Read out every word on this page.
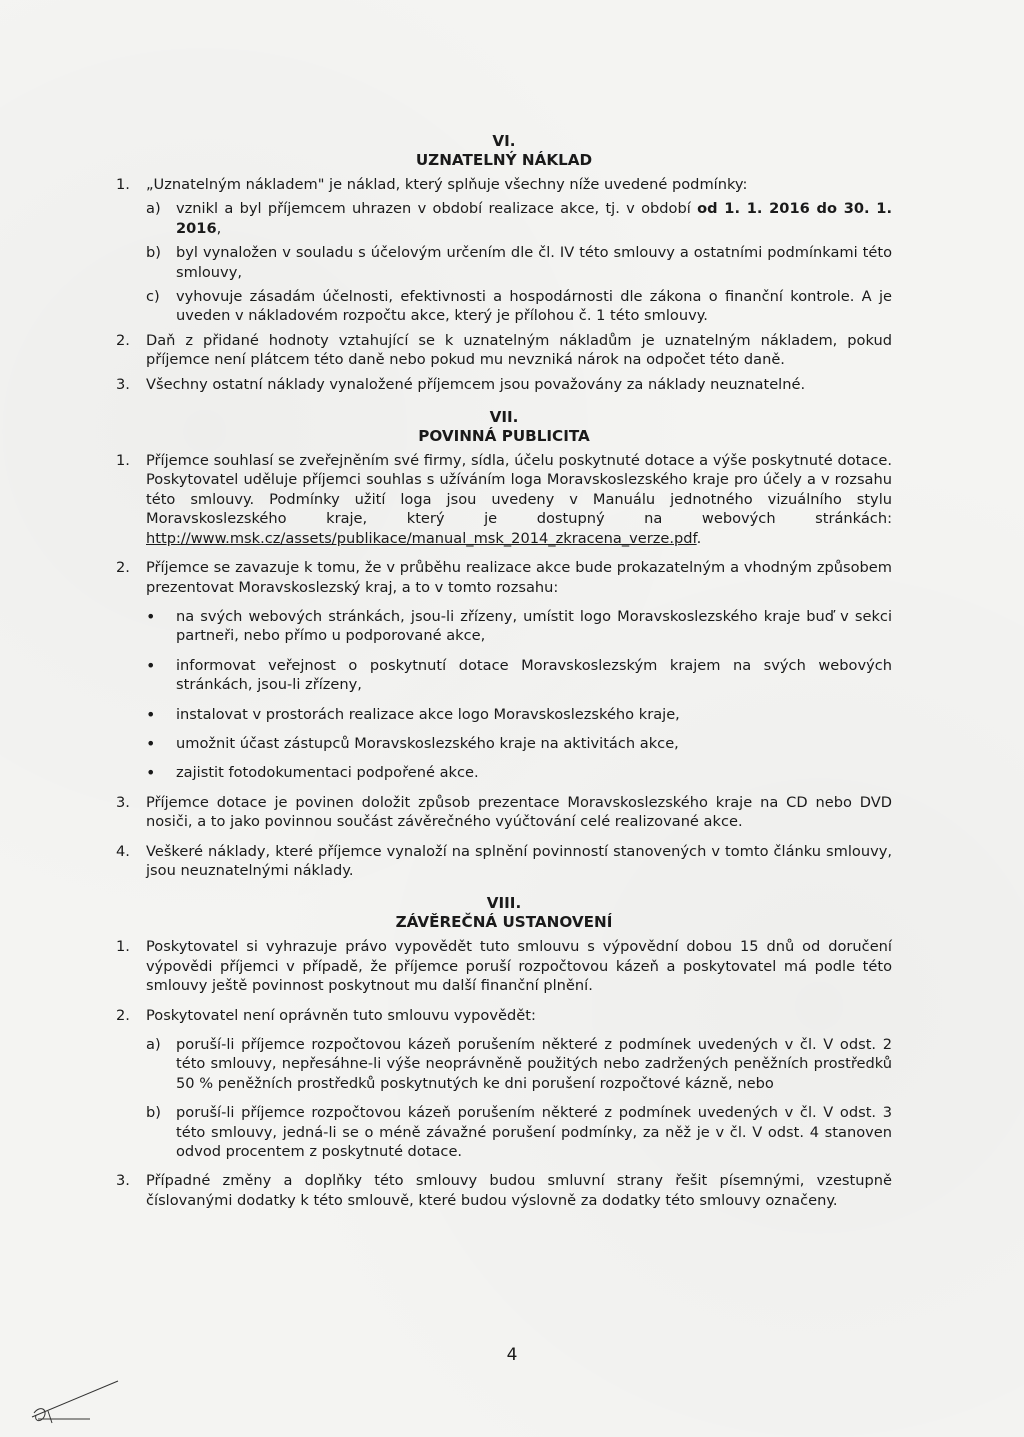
VI.
UZNATELNÝ NÁKLAD
1.	„Uznatelným nákladem" je náklad, který splňuje všechny níže uvedené podmínky:
a)	vznikl a byl příjemcem uhrazen v období realizace akce, tj. v období od 1. 1. 2016 do 30. 1. 2016,
b)	byl vynaložen v souladu s účelovým určením dle čl. IV této smlouvy a ostatními podmínkami této smlouvy,
c)	vyhovuje zásadám účelnosti, efektivnosti a hospodárnosti dle zákona o finanční kontrole. A je uveden v nákladovém rozpočtu akce, který je přílohou č. 1 této smlouvy.
2.	Daň z přidané hodnoty vztahující se k uznatelným nákladům je uznatelným nákladem, pokud příjemce není plátcem této daně nebo pokud mu nevzniká nárok na odpočet této daně.
3.	Všechny ostatní náklady vynaložené příjemcem jsou považovány za náklady neuznatelné.
VII.
POVINNÁ PUBLICITA
1.	Příjemce souhlasí se zveřejněním své firmy, sídla, účelu poskytnuté dotace a výše poskytnuté dotace. Poskytovatel uděluje příjemci souhlas s užíváním loga Moravskoslezského kraje pro účely a v rozsahu této smlouvy. Podmínky užití loga jsou uvedeny v Manuálu jednotného vizuálního stylu Moravskoslezského kraje, který je dostupný na webových stránkách: http://www.msk.cz/assets/publikace/manual_msk_2014_zkracena_verze.pdf.
2.	Příjemce se zavazuje k tomu, že v průběhu realizace akce bude prokazatelným a vhodným způsobem prezentovat Moravskoslezský kraj, a to v tomto rozsahu:
•	na svých webových stránkách, jsou-li zřízeny, umístit logo Moravskoslezského kraje buď v sekci partneři, nebo přímo u podporované akce,
•	informovat veřejnost o poskytnutí dotace Moravskoslezským krajem na svých webových stránkách, jsou-li zřízeny,
•	instalovat v prostorách realizace akce logo Moravskoslezského kraje,
•	umožnit účast zástupců Moravskoslezského kraje na aktivitách akce,
•	zajistit fotodokumentaci podpořené akce.
3.	Příjemce dotace je povinen doložit způsob prezentace Moravskoslezského kraje na CD nebo DVD nosiči, a to jako povinnou součást závěrečného vyúčtování celé realizované akce.
4.	Veškeré náklady, které příjemce vynaloží na splnění povinností stanovených v tomto článku smlouvy, jsou neuznatelnými náklady.
VIII.
ZÁVĚREČNÁ USTANOVENÍ
1.	Poskytovatel si vyhrazuje právo vypovědět tuto smlouvu s výpovědní dobou 15 dnů od doručení výpovědi příjemci v případě, že příjemce poruší rozpočtovou kázeň a poskytovatel má podle této smlouvy ještě povinnost poskytnout mu další finanční plnění.
2.	Poskytovatel není oprávněn tuto smlouvu vypovědět:
a)	poruší-li příjemce rozpočtovou kázeň porušením některé z podmínek uvedených v čl. V odst. 2 této smlouvy, nepřesáhne-li výše neoprávněně použitých nebo zadržených peněžních prostředků 50 % peněžních prostředků poskytnutých ke dni porušení rozpočtové kázně, nebo
b)	poruší-li příjemce rozpočtovou kázeň porušením některé z podmínek uvedených v čl. V odst. 3 této smlouvy, jedná-li se o méně závažné porušení podmínky, za něž je v čl. V odst. 4 stanoven odvod procentem z poskytnuté dotace.
3.	Případné změny a doplňky této smlouvy budou smluvní strany řešit písemnými, vzestupně číslovanými dodatky k této smlouvě, které budou výslovně za dodatky této smlouvy označeny.
4
